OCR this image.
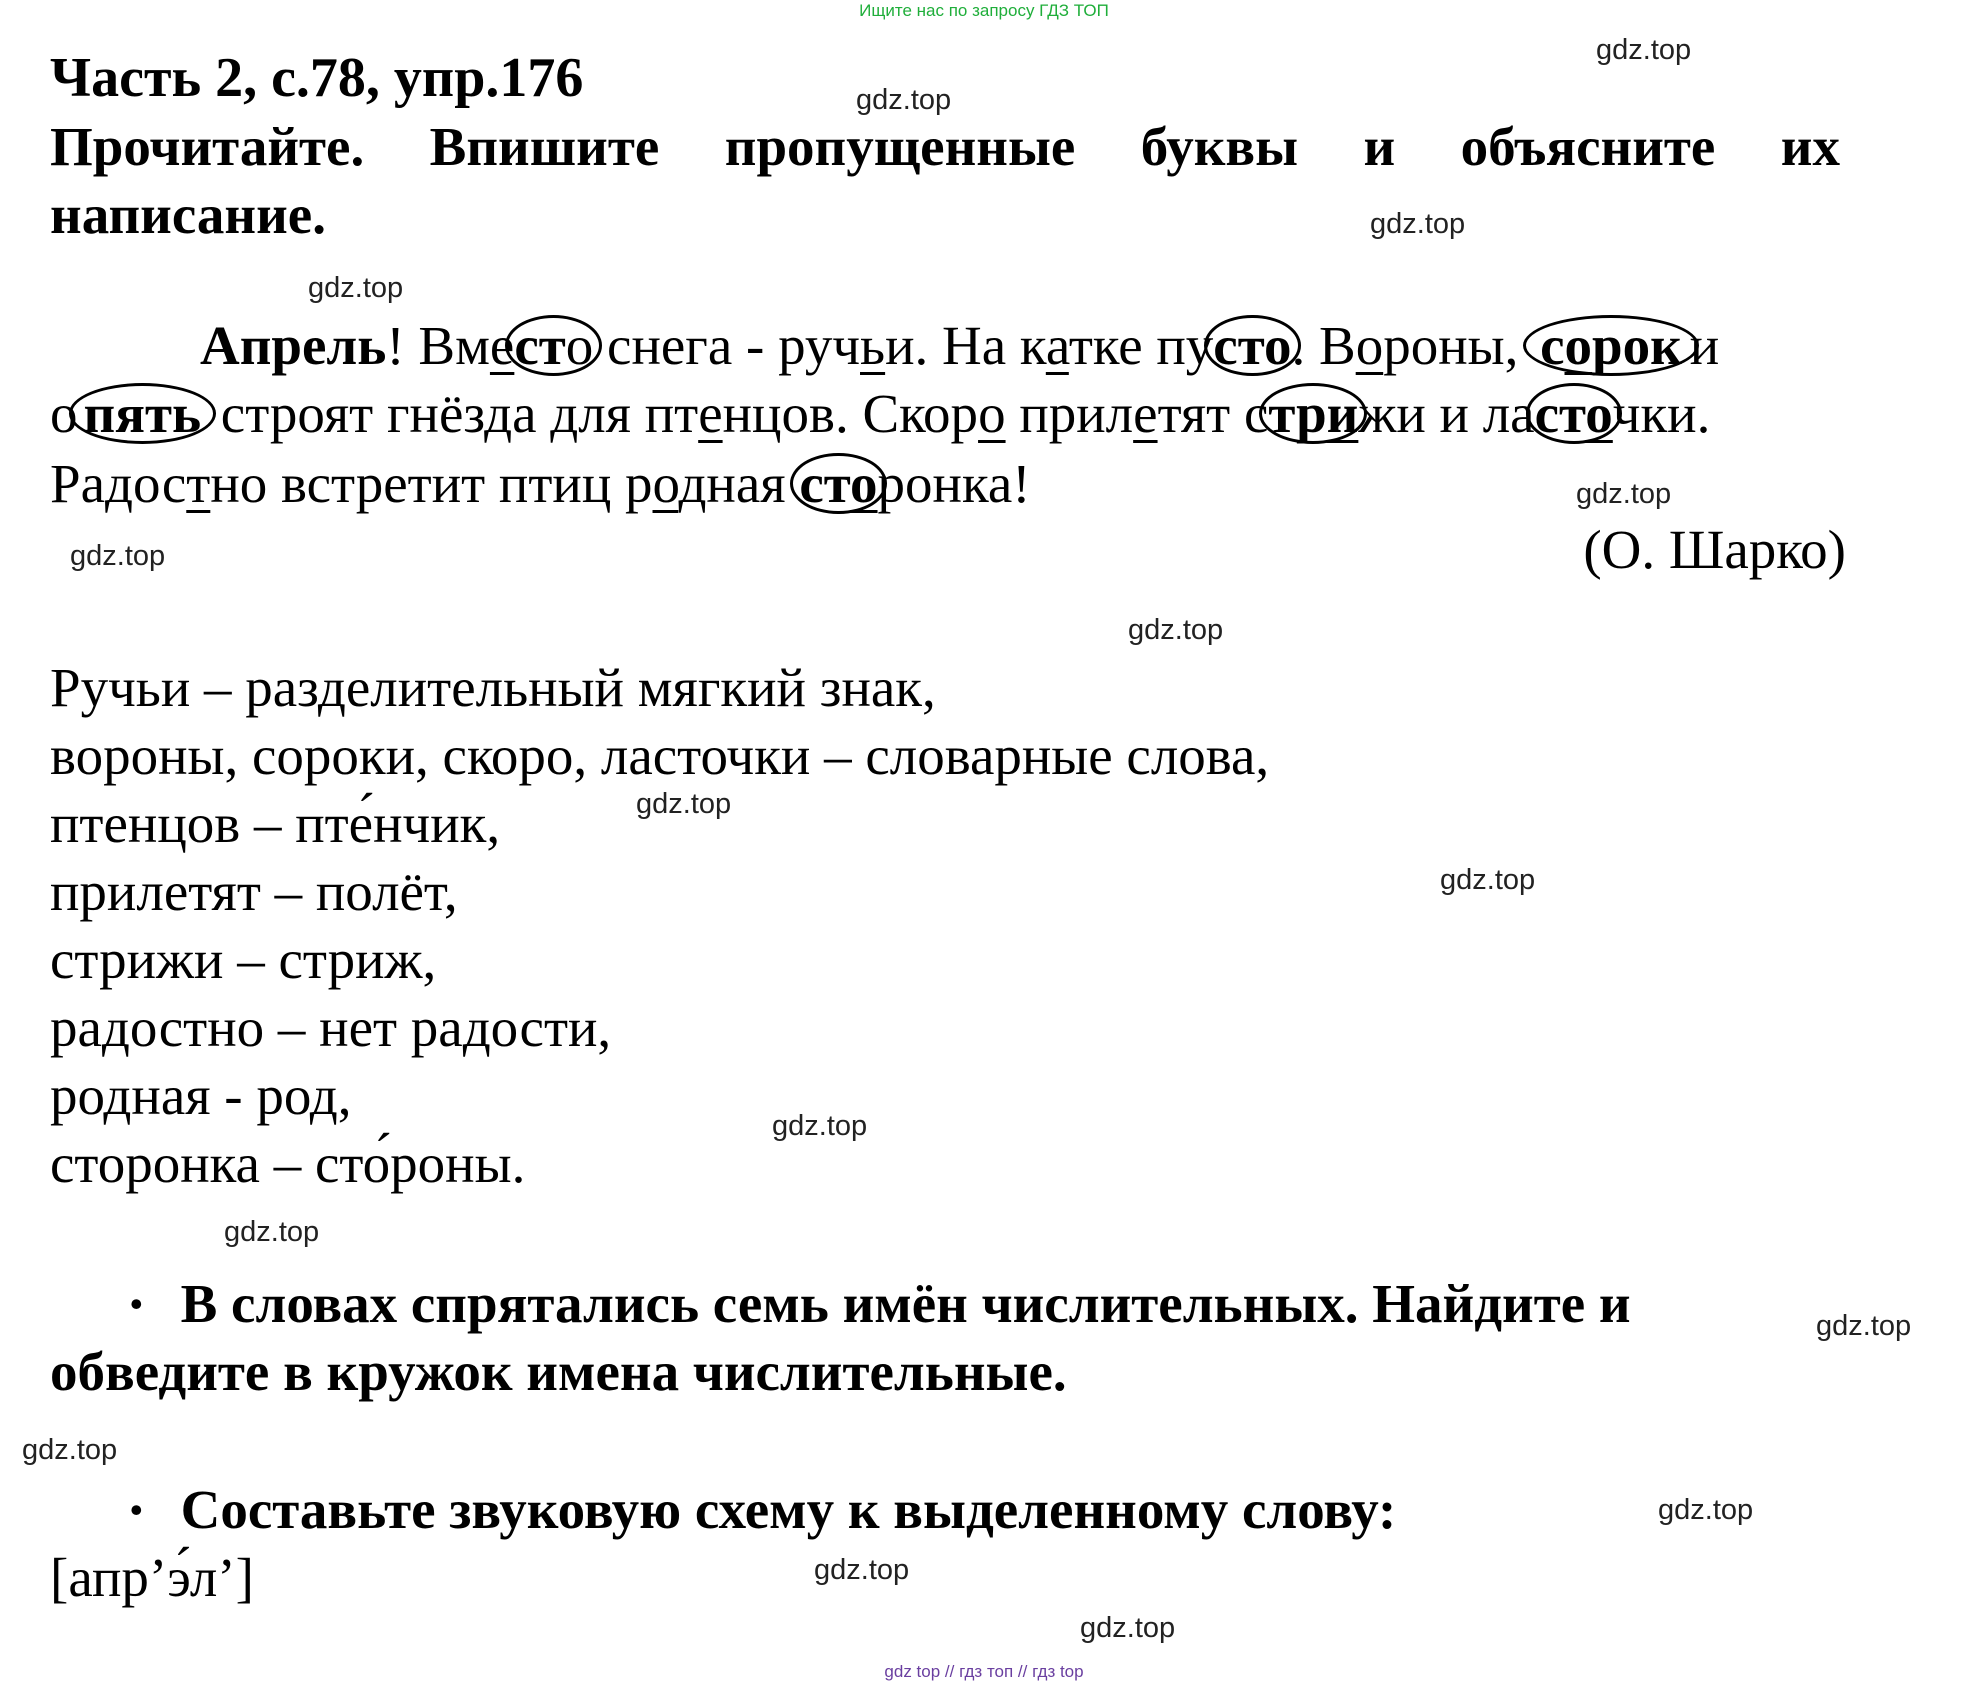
Ищите нас по запросу ГДЗ ТОП
Часть 2, с.78, упр.176
Прочитайте. Впишите пропущенные буквы и объясните их
написание.
Апрель! Вместо снега - ручьи. На катке пусто. Вороны, сорок и
о пять строят гнёзда для птенцов. Скоро прилетят стрижи и ласточки.
Радостно встретит птиц родная сторонка!
(О. Шарко)
Ручьи – разделительный мягкий знак,
вороны, сороки, скоро, ласточки – словарные слова,
птенцов – пте́нчик,
прилетят – полёт,
стрижи – стриж,
радостно – нет радости,
родная - род,
сторонка – сто́роны.
• В словах спрятались семь имён числительных. Найдите и
обведите в кружок имена числительные.
• Составьте звуковую схему к выделенному слову:
[апр’э́л’]
gdz.top
gdz.top
gdz.top
gdz.top
gdz.top
gdz.top
gdz.top
gdz.top
gdz.top
gdz.top
gdz.top
gdz.top
gdz.top
gdz.top
gdz.top
gdz.top
gdz top // гдз топ // гдз top
